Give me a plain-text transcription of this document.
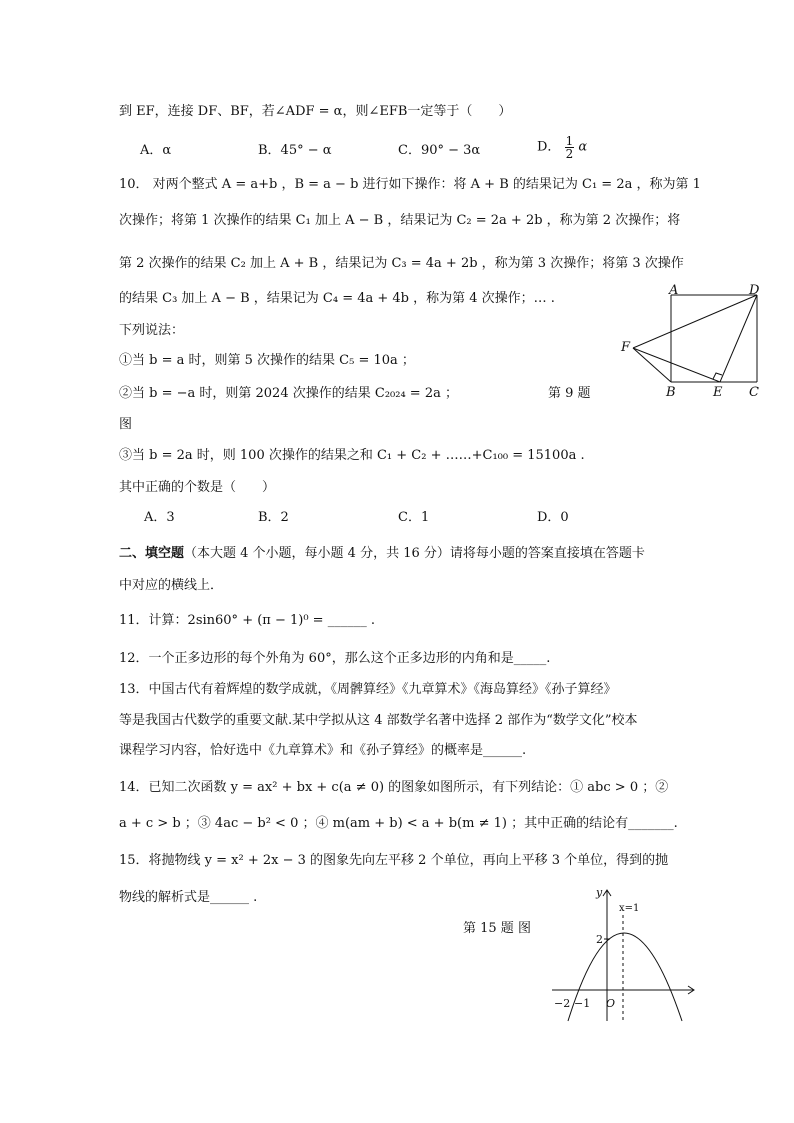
到 EF，连接 DF、BF，若∠ADF = α，则∠EFB一定等于（　　）
A．α	B．45° − α	C．90° − 3α	D． $\frac{1}{2}$ α
10． 对两个整式 A = a+b ，B = a − b 进行如下操作：将 A + B 的结果记为 C₁ = 2a ，称为第 1
次操作；将第 1 次操作的结果 C₁ 加上 A − B ，结果记为 C₂ = 2a + 2b ，称为第 2 次操作；将
第 2 次操作的结果 C₂ 加上 A + B ，结果记为 C₃ = 4a + 2b ，称为第 3 次操作；将第 3 次操作
的结果 C₃ 加上 A − B ，结果记为 C₄ = 4a + 4b ，称为第 4 次操作；… .
下列说法：
①当 b = a 时，则第 5 次操作的结果 C₅ = 10a ；
②当 b = −a 时，则第 2024 次操作的结果 C₂₀₂₄ = 2a ；	第 9 题
图
③当 b = 2a 时，则 100 次操作的结果之和 C₁ + C₂ + ……+C₁₀₀ = 15100a .
其中正确的个数是（　　）
A．3	B．2	C．1	D．0
A	D
F
B	E C
二、填空题（本大题 4 个小题，每小题 4 分，共 16 分）请将每小题的答案直接填在答题卡
中对应的横线上．
11．计算：2sin60° + (π − 1)⁰ = ______ .
12．一个正多边形的每个外角为 60°，那么这个正多边形的内角和是_____.
13．中国古代有着辉煌的数学成就，《周髀算经》《九章算术》《海岛算经》《孙子算经》
等是我国古代数学的重要文献.某中学拟从这 4 部数学名著中选择 2 部作为“数学文化”校本
课程学习内容，恰好选中《九章算术》和《孙子算经》的概率是______.
14．已知二次函数 y = ax² + bx + c(a ≠ 0) 的图象如图所示，有下列结论：① abc > 0 ；②
a + c > b ；③ 4ac − b² < 0 ；④ m(am + b) < a + b(m ≠ 1) ；其中正确的结论有_______.
15．将抛物线 y = x² + 2x − 3 的图象先向左平移 2 个单位，再向上平移 3 个单位，得到的抛
物线的解析式是______ .
第 15 题 图
y
x=1
2
−2 −1 O
